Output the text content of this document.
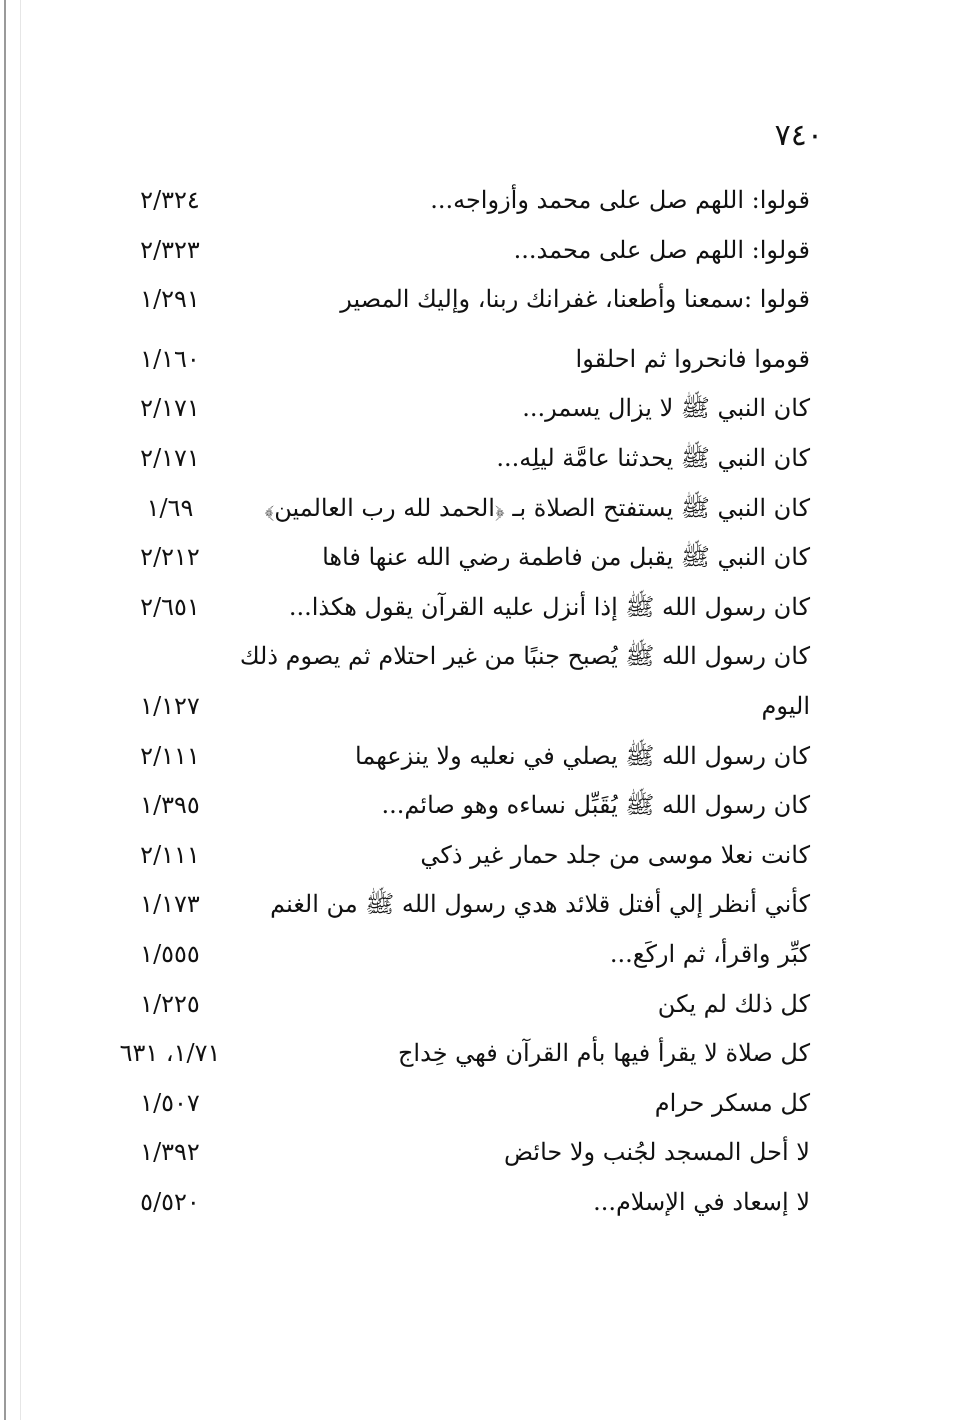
٧٤٠
قولوا: اللهم صل على محمد وأزواجه...
٢/٣٢٤
قولوا: اللهم صل على محمد...
٢/٣٢٣
قولوا :سمعنا وأطعنا، غفرانك ربنا، وإليك المصير
١/٢٩١
قوموا فانحروا ثم احلقوا
١/١٦٠
كان النبي ﷺ لا يزال يسمر...
٢/١٧١
كان النبي ﷺ يحدثنا عامَّة ليلِه...
٢/١٧١
كان النبي ﷺ يستفتح الصلاة بـ ﴿الحمد لله رب العالمين﴾
١/٦٩
كان النبي ﷺ يقبل من فاطمة رضي الله عنها فاها
٢/٢١٢
كان رسول الله ﷺ إذا أنزل عليه القرآن يقول هكذا...
٢/٦٥١
كان رسول الله ﷺ يُصبح جنبًا من غير احتلام ثم يصوم ذلك
اليوم
١/١٢٧
كان رسول الله ﷺ يصلي في نعليه ولا ينزعهما
٢/١١١
كان رسول الله ﷺ يُقَبِّل نساءه وهو صائم...
١/٣٩٥
كانت نعلا موسى من جلد حمار غير ذكي
٢/١١١
كأني أنظر إلي أفتل قلائد هدي رسول الله ﷺ من الغنم
١/١٧٣
كبِّر واقرأ، ثم اركَع...
١/٥٥٥
كل ذلك لم يكن
١/٢٢٥
كل صلاة لا يقرأ فيها بأم القرآن فهي خِداج
١/٧١، ٦٣١
كل مسكر حرام
١/٥٠٧
لا أحل المسجد لجُنب ولا حائض
١/٣٩٢
لا إسعاد في الإسلام...
٥/٥٢٠
